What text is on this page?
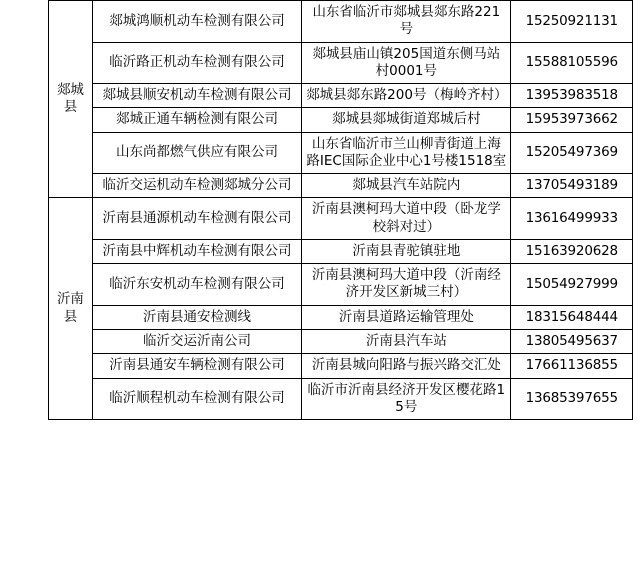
郯城县	郯城鸿顺机动车检测有限公司	山东省临沂市郯城县郯东路221号	15250921131
	临沂路正机动车检测有限公司	郯城县庙山镇205国道东侧马站村0001号	15588105596
	郯城县顺安机动车检测有限公司	郯城县郯东路200号（梅岭齐村）	13953983518
	郯城正通车辆检测有限公司	郯城县郯城街道郑城后村	15953973662
	山东尚都燃气供应有限公司	山东省临沂市兰山柳青街道上海路IEC国际企业中心1号楼1518室	15205497369
	临沂交运机动车检测郯城分公司	郯城县汽车站院内	13705493189
沂南县	沂南县通源机动车检测有限公司	沂南县澳柯玛大道中段（卧龙学校斜对过）	13616499933
	沂南县中辉机动车检测有限公司	沂南县青驼镇驻地	15163920628
	临沂东安机动车检测有限公司	沂南县澳柯玛大道中段（沂南经济开发区新城三村）	15054927999
	沂南县通安检测线	沂南县道路运输管理处	18315648444
	临沂交运沂南公司	沂南县汽车站	13805495637
	沂南县通安车辆检测有限公司	沂南县城向阳路与振兴路交汇处	17661136855
	临沂顺程机动车检测有限公司	临沂市沂南县经济开发区樱花路15号	13685397655
